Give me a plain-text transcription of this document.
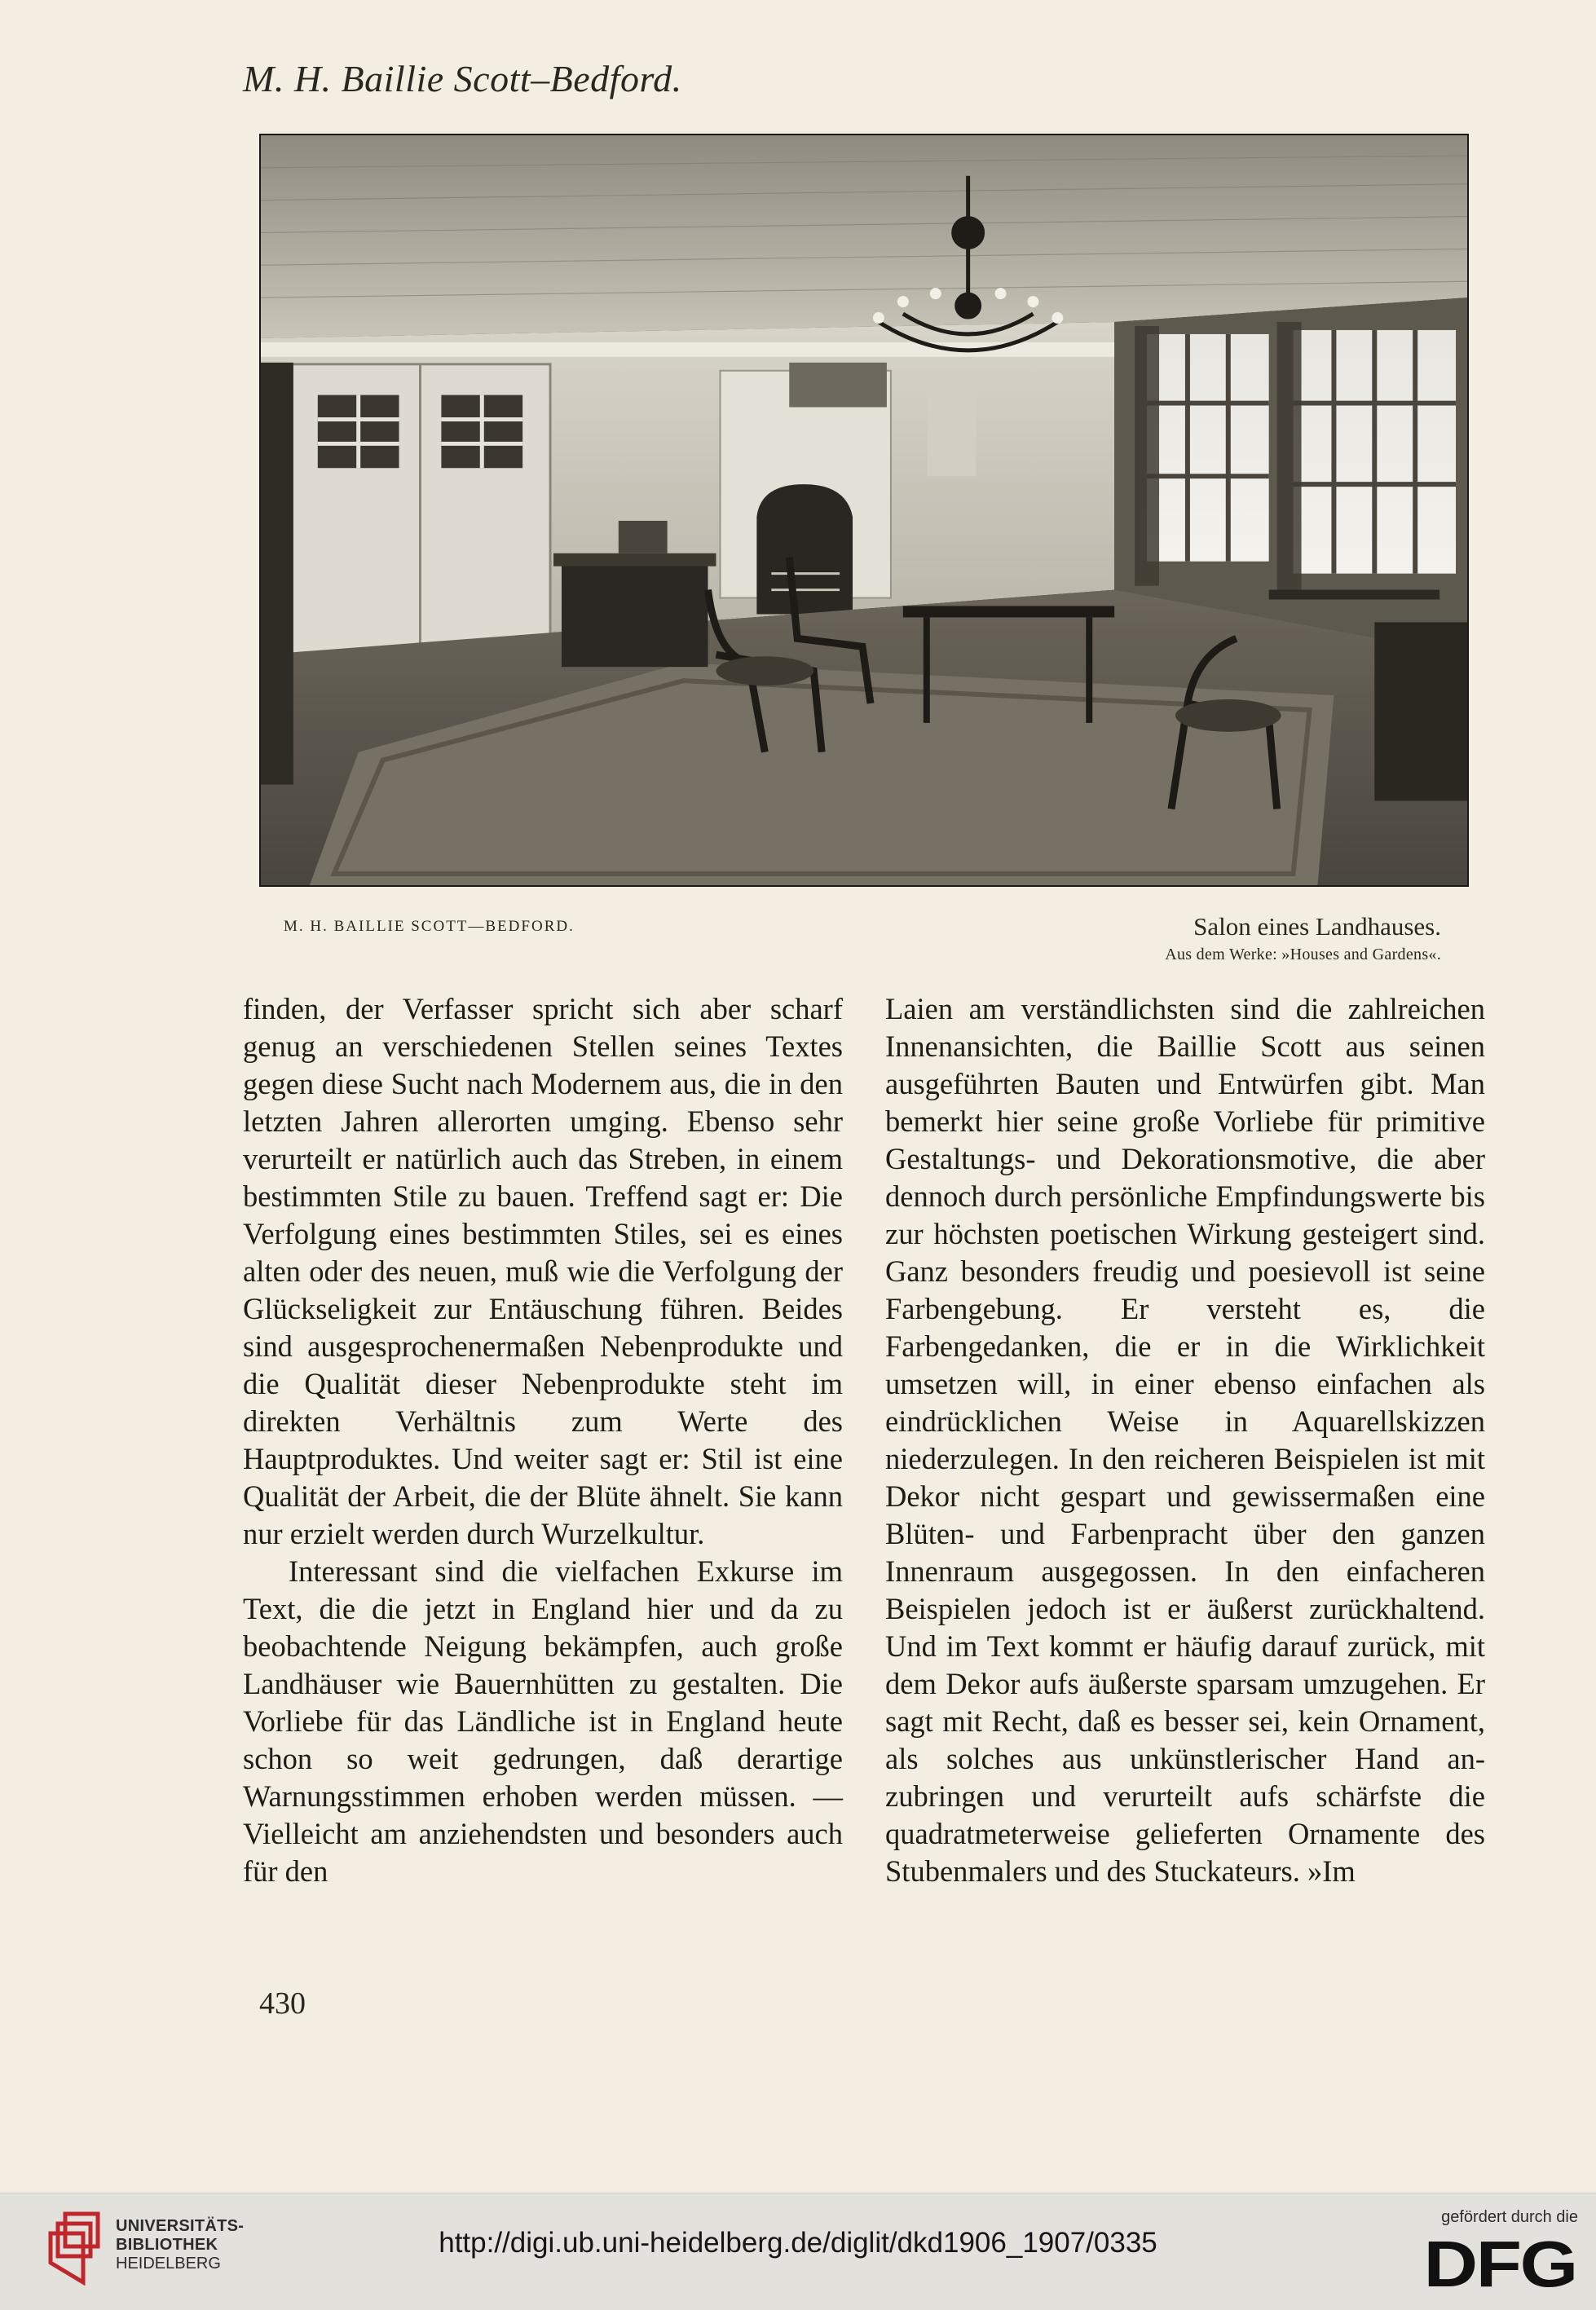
M. H. Baillie Scott–Bedford.
M. H. BAILLIE SCOTT—BEDFORD.	Salon eines Landhauses.
Aus dem Werke: »Houses and Gardens«.

finden, der Verfasser spricht sich aber scharf genug an verschiedenen Stellen seines Textes gegen diese Sucht nach Modernem aus, die in den letzten Jahren allerorten umging. Ebenso sehr verurteilt er natürlich auch das Streben, in einem bestimmten Stile zu bauen. Treffend sagt er: Die Verfolgung eines bestimmten Stiles, sei es eines alten oder des neuen, muß wie die Verfolgung der Glückseligkeit zur Entäuschung führen. Beides sind ausgesprochenermaßen Nebenprodukte und die Qualität dieser Nebenprodukte steht im direkten Verhältnis zum Werte des Hauptproduktes. Und weiter sagt er: Stil ist eine Qualität der Arbeit, die der Blüte ähnelt. Sie kann nur erzielt werden durch Wurzelkultur.

Interessant sind die vielfachen Exkurse im Text, die die jetzt in England hier und da zu beobachtende Neigung bekämpfen, auch große Landhäuser wie Bauernhütten zu gestalten. Die Vorliebe für das Ländliche ist in England heute schon so weit gedrungen, daß derartige Warnungsstimmen erhoben werden müssen. — Vielleicht am anziehendsten und besonders auch für den

Laien am verständlichsten sind die zahlreichen Innenansichten, die Baillie Scott aus seinen ausgeführten Bauten und Entwürfen gibt. Man bemerkt hier seine große Vorliebe für primitive Gestaltungs- und Dekorationsmotive, die aber dennoch durch persönliche Empfindungswerte bis zur höchsten poetischen Wirkung gesteigert sind. Ganz besonders freudig und poesievoll ist seine Farbengebung. Er versteht es, die Farbengedanken, die er in die Wirklichkeit umsetzen will, in einer ebenso einfachen als eindrücklichen Weise in Aquarellskizzen niederzulegen. In den reicheren Beispielen ist mit Dekor nicht gespart und gewissermaßen eine Blüten- und Farbenpracht über den ganzen Innenraum ausgegossen. In den einfacheren Beispielen jedoch ist er äußerst zurückhaltend. Und im Text kommt er häufig darauf zurück, mit dem Dekor aufs äußerste sparsam umzugehen. Er sagt mit Recht, daß es besser sei, kein Ornament, als solches aus unkünstlerischer Hand anzubringen und verurteilt aufs schärfste die quadratmeterweise gelieferten Ornamente des Stubenmalers und des Stuckateurs. »Im

430
UNIVERSITÄTS-
BIBLIOTHEK
HEIDELBERG
http://digi.ub.uni-heidelberg.de/diglit/dkd1906_1907/0335
gefördert durch die
DFG
